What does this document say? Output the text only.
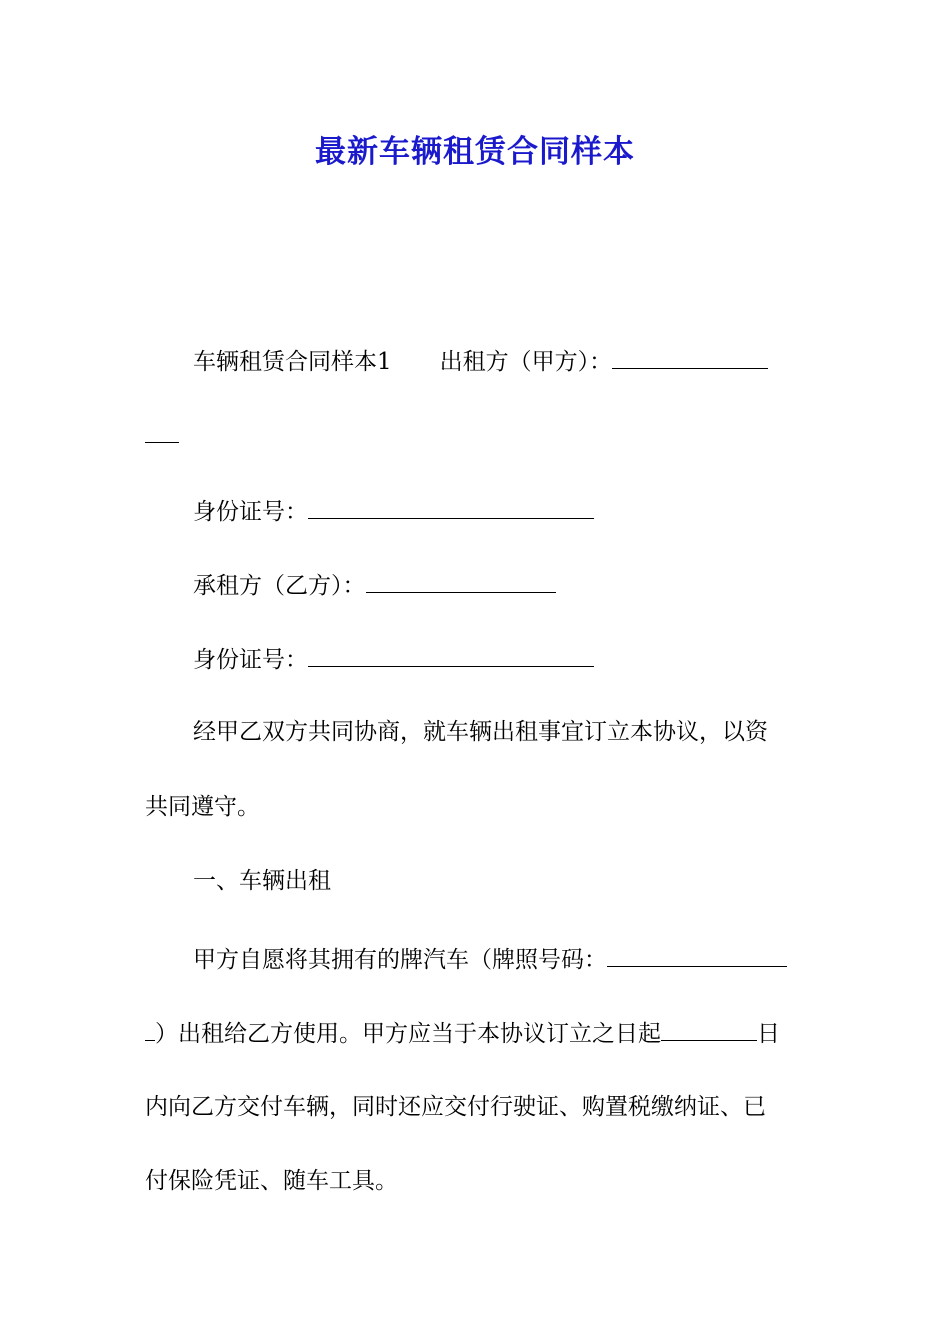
最新车辆租赁合同样本
车辆租赁合同样本1 出租方（甲方）：
身份证号：
承租方（乙方）：
身份证号：
经甲乙双方共同协商，就车辆出租事宜订立本协议，以资
共同遵守。
一、车辆出租
甲方自愿将其拥有的牌汽车（牌照号码：
）出租给乙方使用。甲方应当于本协议订立之日起	日
内向乙方交付车辆，同时还应交付行驶证、购置税缴纳证、已
付保险凭证、随车工具。
